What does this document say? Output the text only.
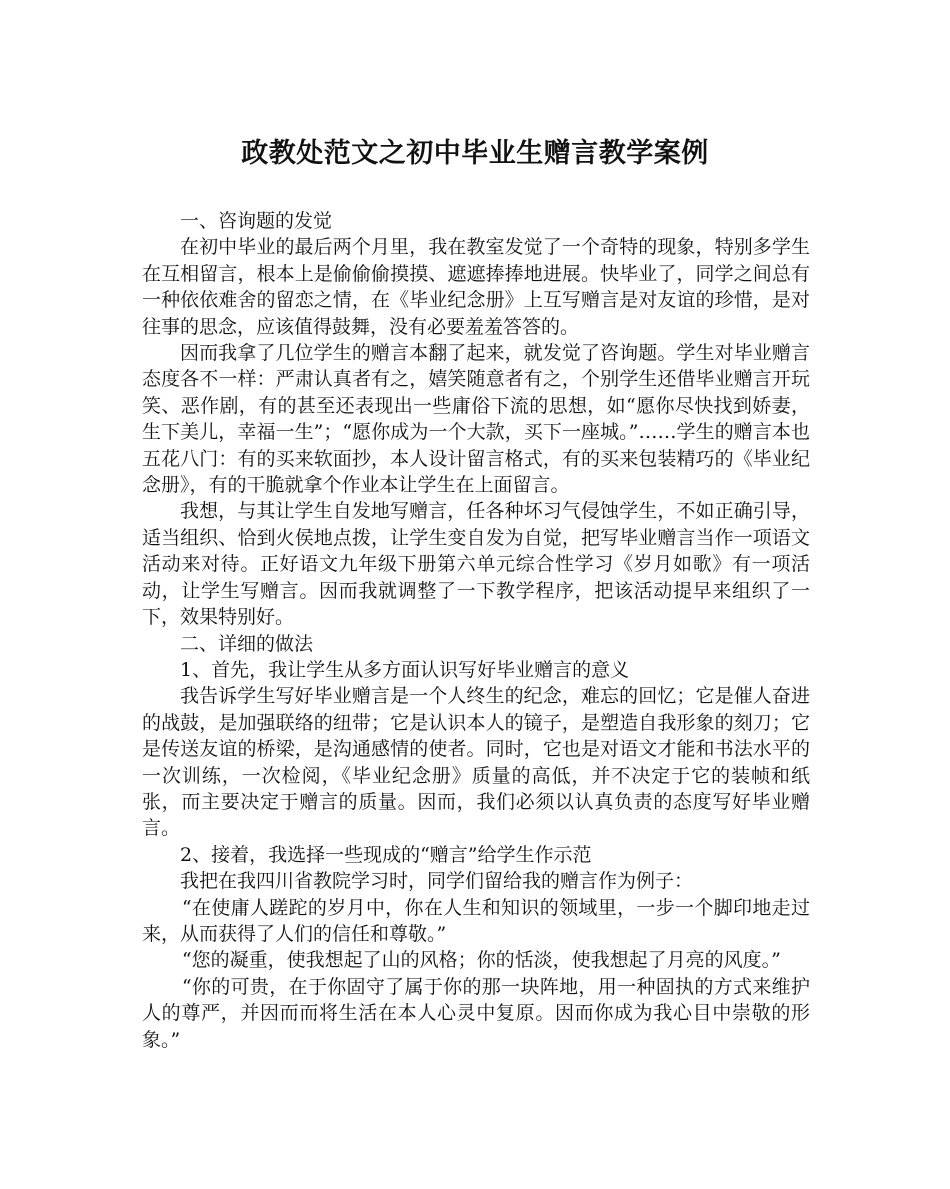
政教处范文之初中毕业生赠言教学案例

一、咨询题的发觉

在初中毕业的最后两个月里，我在教室发觉了一个奇特的现象，特别多学生在互相留言，根本上是偷偷偷摸摸、遮遮捧捧地进展。快毕业了，同学之间总有一种依依难舍的留恋之情，在《毕业纪念册》上互写赠言是对友谊的珍惜，是对往事的思念，应该值得鼓舞，没有必要羞羞答答的。

因而我拿了几位学生的赠言本翻了起来，就发觉了咨询题。学生对毕业赠言态度各不一样：严肃认真者有之，嬉笑随意者有之，个别学生还借毕业赠言开玩笑、恶作剧，有的甚至还表现出一些庸俗下流的思想，如“愿你尽快找到娇妻，生下美儿，幸福一生”；“愿你成为一个大款，买下一座城。”……学生的赠言本也五花八门：有的买来软面抄，本人设计留言格式，有的买来包装精巧的《毕业纪念册》，有的干脆就拿个作业本让学生在上面留言。

我想，与其让学生自发地写赠言，任各种坏习气侵蚀学生，不如正确引导，适当组织、恰到火侯地点拨，让学生变自发为自觉，把写毕业赠言当作一项语文活动来对待。正好语文九年级下册第六单元综合性学习《岁月如歌》有一项活动，让学生写赠言。因而我就调整了一下教学程序，把该活动提早来组织了一下，效果特别好。

二、详细的做法

1、首先，我让学生从多方面认识写好毕业赠言的意义

我告诉学生写好毕业赠言是一个人终生的纪念，难忘的回忆；它是催人奋进的战鼓，是加强联络的纽带；它是认识本人的镜子，是塑造自我形象的刻刀；它是传送友谊的桥梁，是沟通感情的使者。同时，它也是对语文才能和书法水平的一次训练，一次检阅，《毕业纪念册》质量的高低，并不决定于它的装帧和纸张，而主要决定于赠言的质量。因而，我们必须以认真负责的态度写好毕业赠言。

2、接着，我选择一些现成的“赠言”给学生作示范

我把在我四川省教院学习时，同学们留给我的赠言作为例子：

“在使庸人蹉跎的岁月中，你在人生和知识的领域里，一步一个脚印地走过来，从而获得了人们的信任和尊敬。”

“您的凝重，使我想起了山的风格；你的恬淡，使我想起了月亮的风度。”

“你的可贵，在于你固守了属于你的那一块阵地，用一种固执的方式来维护人的尊严，并因而而将生活在本人心灵中复原。因而你成为我心目中崇敬的形象。”
